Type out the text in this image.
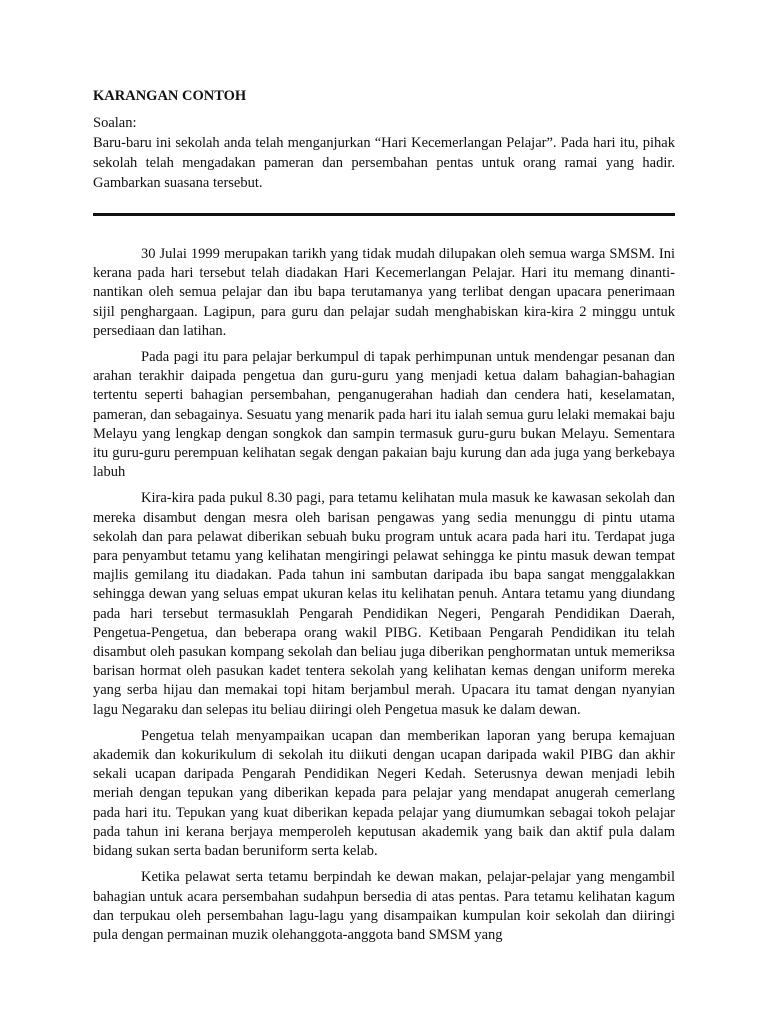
KARANGAN CONTOH

Soalan:

Baru-baru ini sekolah anda telah menganjurkan “Hari Kecemerlangan Pelajar”. Pada hari itu, pihak sekolah telah mengadakan pameran dan persembahan pentas untuk orang ramai yang hadir. Gambarkan suasana tersebut.

30 Julai 1999 merupakan tarikh yang tidak mudah dilupakan oleh semua warga SMSM. Ini kerana pada hari tersebut telah diadakan Hari Kecemerlangan Pelajar. Hari itu memang dinanti-nantikan oleh semua pelajar dan ibu bapa terutamanya yang terlibat dengan upacara penerimaan sijil penghargaan. Lagipun, para guru dan pelajar sudah menghabiskan kira-kira 2 minggu untuk persediaan dan latihan.

Pada pagi itu para pelajar berkumpul di tapak perhimpunan untuk mendengar pesanan dan arahan terakhir daipada pengetua dan guru-guru yang menjadi ketua dalam bahagian-bahagian tertentu seperti bahagian persembahan, penganugerahan hadiah dan cendera hati, keselamatan, pameran, dan sebagainya. Sesuatu yang menarik pada hari itu ialah semua guru lelaki memakai baju Melayu yang lengkap dengan songkok dan sampin termasuk guru-guru bukan Melayu. Sementara itu guru-guru perempuan kelihatan segak dengan pakaian baju kurung dan ada juga yang berkebaya labuh

Kira-kira pada pukul 8.30 pagi, para tetamu kelihatan mula masuk ke kawasan sekolah dan mereka disambut dengan mesra oleh barisan pengawas yang sedia menunggu di pintu utama sekolah dan para pelawat diberikan sebuah buku program untuk acara pada hari itu. Terdapat juga para penyambut tetamu yang kelihatan mengiringi pelawat sehingga ke pintu masuk dewan tempat majlis gemilang itu diadakan. Pada tahun ini sambutan daripada ibu bapa sangat menggalakkan sehingga dewan yang seluas empat ukuran kelas itu kelihatan penuh. Antara tetamu yang diundang pada hari tersebut termasuklah Pengarah Pendidikan Negeri, Pengarah Pendidikan Daerah, Pengetua-Pengetua, dan beberapa orang wakil PIBG. Ketibaan Pengarah Pendidikan itu telah disambut oleh pasukan kompang sekolah dan beliau juga diberikan penghormatan untuk memeriksa barisan hormat oleh pasukan kadet tentera sekolah yang kelihatan kemas dengan uniform mereka yang serba hijau dan memakai topi hitam berjambul merah. Upacara itu tamat dengan nyanyian lagu Negaraku dan selepas itu beliau diiringi oleh Pengetua masuk ke dalam dewan.

Pengetua telah menyampaikan ucapan dan memberikan laporan yang berupa kemajuan akademik dan kokurikulum di sekolah itu diikuti dengan ucapan daripada wakil PIBG dan akhir sekali ucapan daripada Pengarah Pendidikan Negeri Kedah. Seterusnya dewan menjadi lebih meriah dengan tepukan yang diberikan kepada para pelajar yang mendapat anugerah cemerlang pada hari itu. Tepukan yang kuat diberikan kepada pelajar yang diumumkan sebagai tokoh pelajar pada tahun ini kerana berjaya memperoleh keputusan akademik yang baik dan aktif pula dalam bidang sukan serta badan beruniform serta kelab.

Ketika pelawat serta tetamu berpindah ke dewan makan, pelajar-pelajar yang mengambil bahagian untuk acara persembahan sudahpun bersedia di atas pentas. Para tetamu kelihatan kagum dan terpukau oleh persembahan lagu-lagu yang disampaikan kumpulan koir sekolah dan diiringi pula dengan permainan muzik olehanggota-anggota band SMSM yang
